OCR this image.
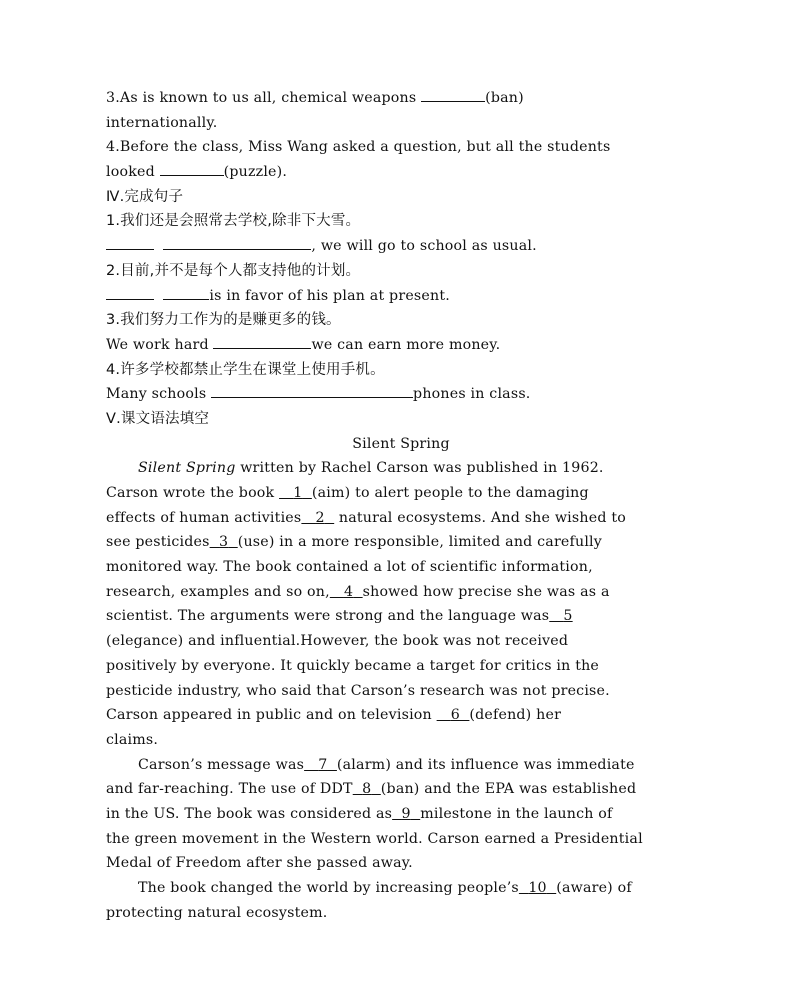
3.As is known to us all, chemical weapons	(ban)
internationally.
4.Before the class, Miss Wang asked a question, but all the students
looked	(puzzle).
Ⅳ.完成句子
1.我们还是会照常去学校,除非下大雪。
, we will go to school as usual.
2.目前,并不是每个人都支持他的计划。
is in favor of his plan at present.
3.我们努力工作为的是赚更多的钱。
We work hard	we can earn more money.
4.许多学校都禁止学生在课堂上使用手机。
Many schools	phones in class.
Ⅴ.课文语法填空
Silent Spring
Silent Spring written by Rachel Carson was published in 1962.
Carson wrote the book    1 (aim) to alert people to the damaging
effects of human activities 2   natural ecosystems. And she wished to
see pesticides 3 (use) in a more responsible, limited and carefully
monitored way. The book contained a lot of scientific information,
research, examples and so on, 4 showed how precise she was as a
scientist. The arguments were strong and the language was 5
(elegance) and influential.However, the book was not received
positively by everyone. It quickly became a target for critics in the
pesticide industry, who said that Carson’s research was not precise.
Carson appeared in public and on television    6 (defend) her
claims.
Carson’s message was 7 (alarm) and its influence was immediate
and far-reaching. The use of DDT 8 (ban) and the EPA was established
in the US. The book was considered as 9 milestone in the launch of
the green movement in the Western world. Carson earned a Presidential
Medal of Freedom after she passed away.
The book changed the world by increasing people’s 10 (aware) of
protecting natural ecosystem.
